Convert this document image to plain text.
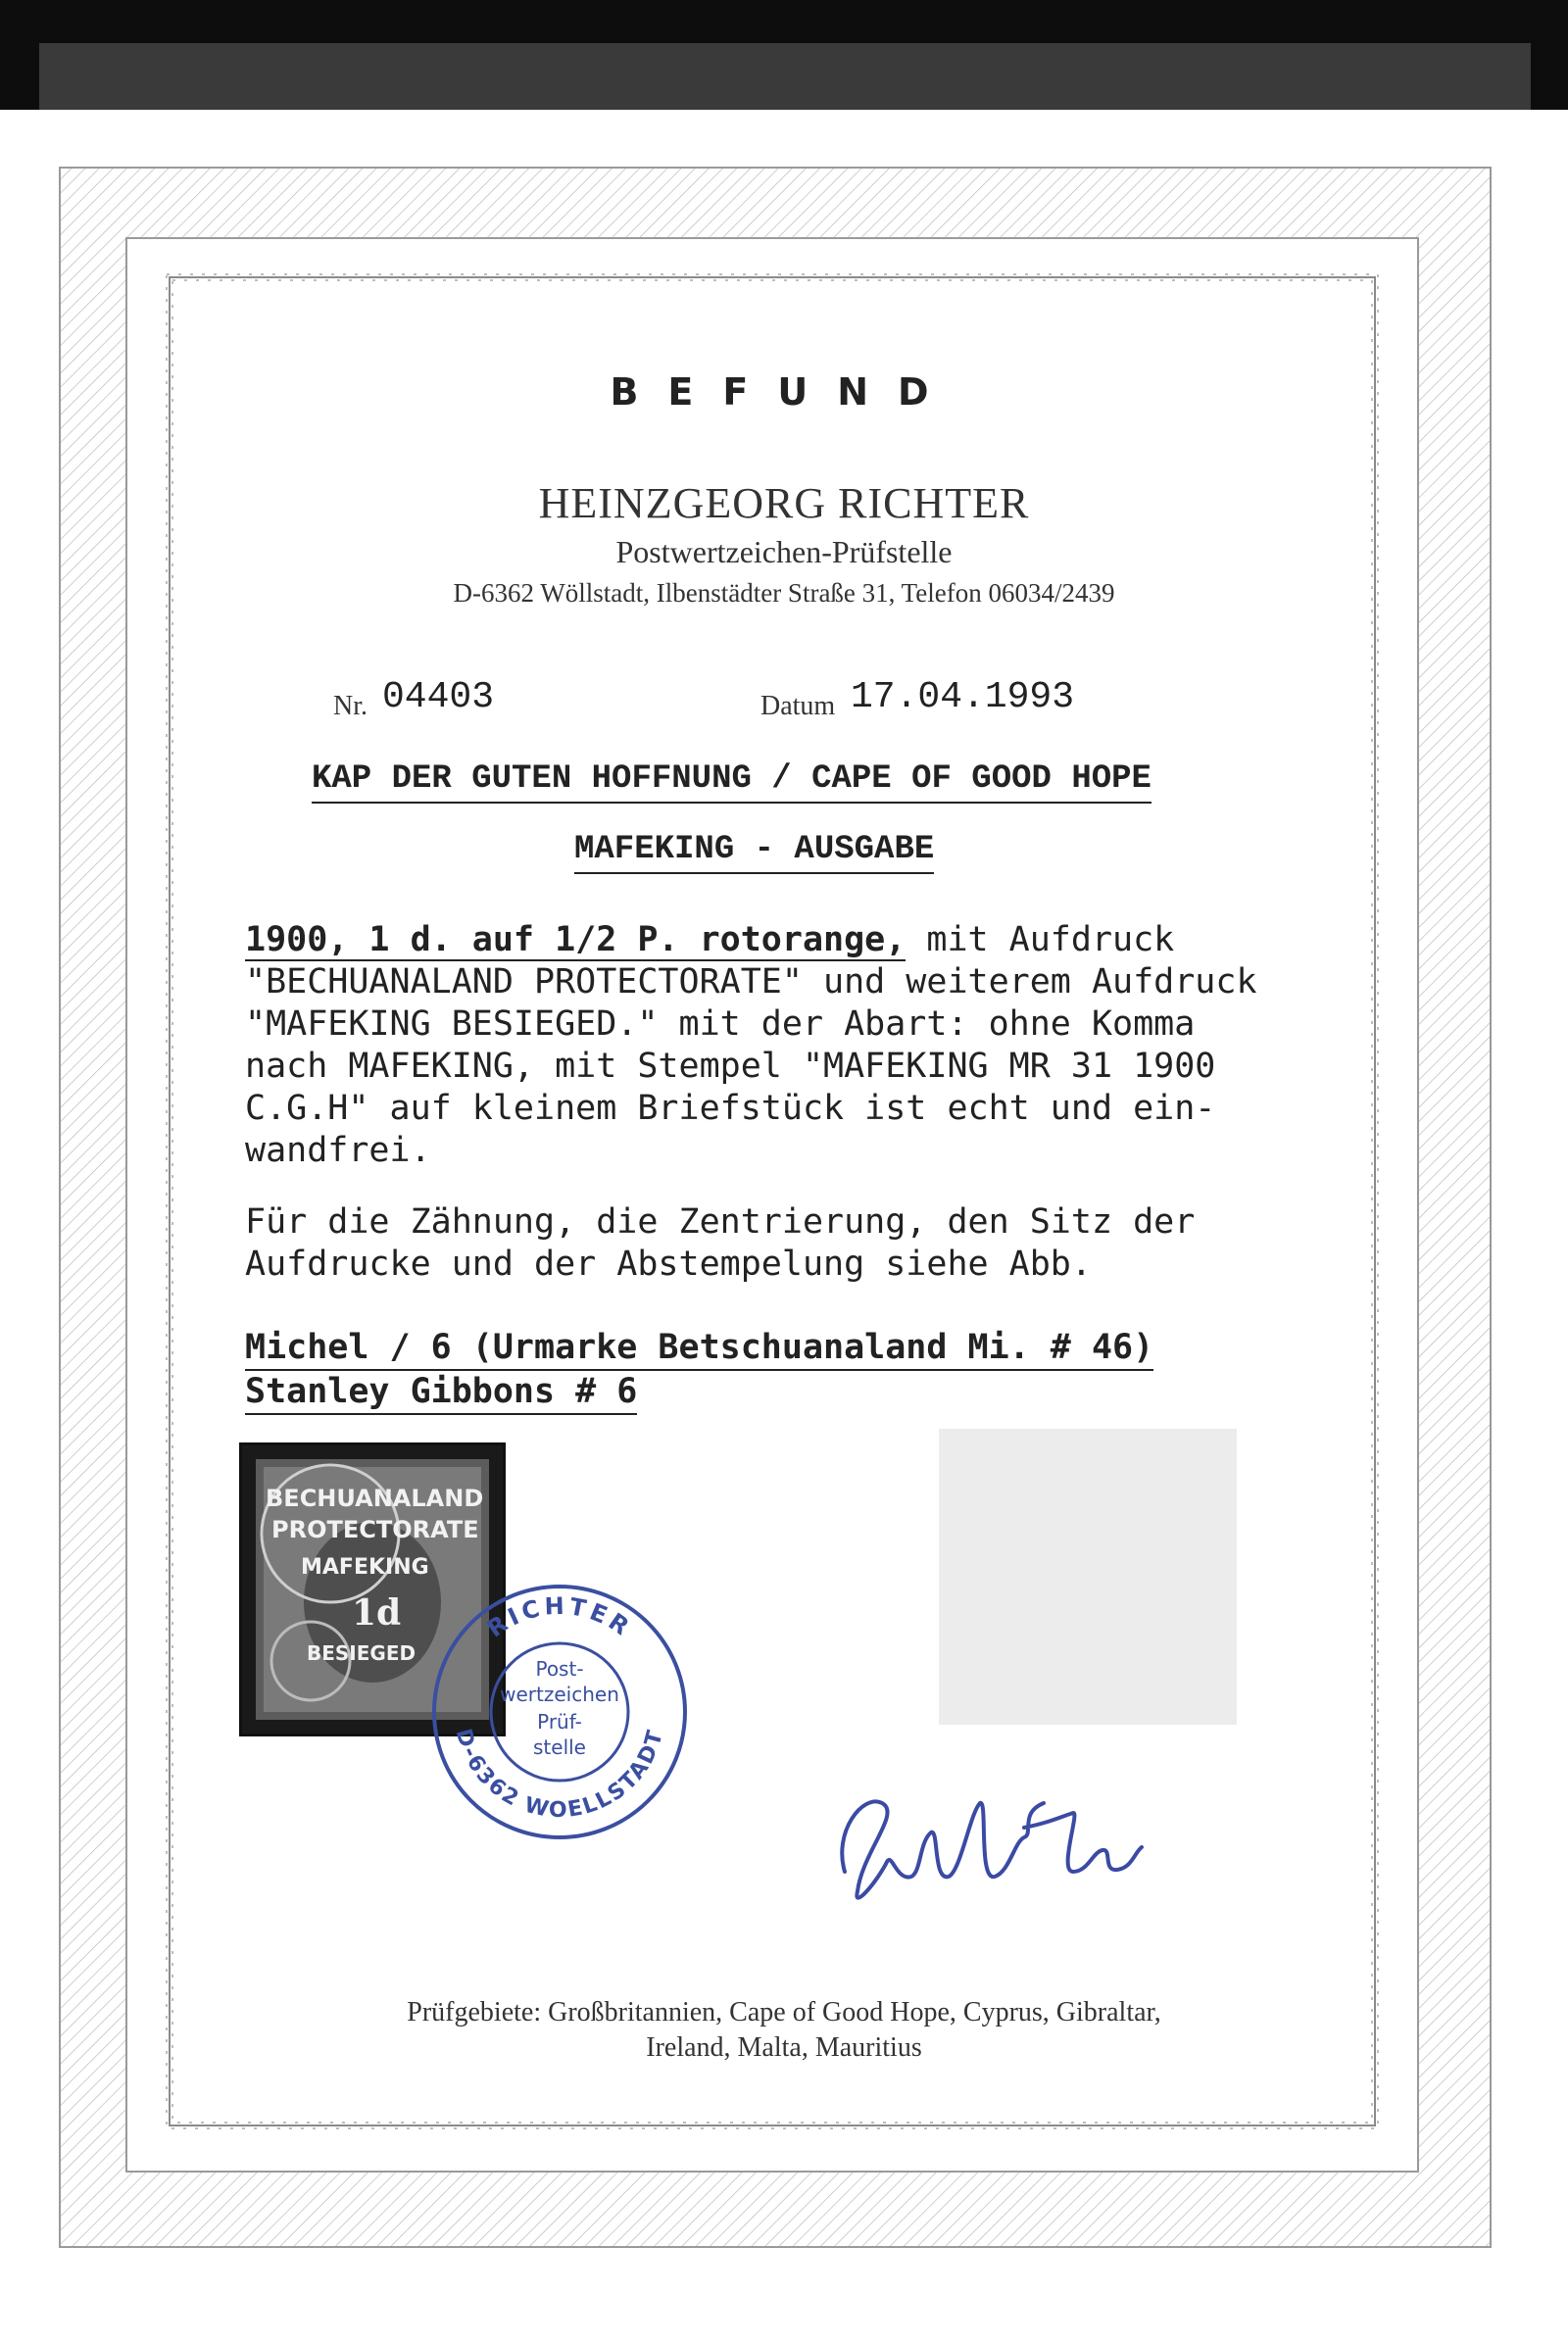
BEFUND
HEINZGEORG RICHTER
Postwertzeichen-Prüfstelle
D-6362 Wöllstadt, Ilbenstädter Straße 31, Telefon 06034/2439
Nr. 04403	Datum 17.04.1993
KAP DER GUTEN HOFFNUNG / CAPE OF GOOD HOPE
MAFEKING - AUSGABE
1900, 1 d. auf 1/2 P. rotorange, mit Aufdruck
"BECHUANALAND PROTECTORATE" und weiterem Aufdruck
"MAFEKING BESIEGED." mit der Abart: ohne Komma
nach MAFEKING, mit Stempel "MAFEKING MR 31 1900
C.G.H" auf kleinem Briefstück ist echt und ein-
wandfrei.
Für die Zähnung, die Zentrierung, den Sitz der
Aufdrucke und der Abstempelung siehe Abb.
Michel / 6 (Urmarke Betschuanaland Mi. # 46)
Stanley Gibbons # 6
BECHUANALAND
PROTECTORATE
MAFEKING
1d
BESIEGED
RICHTER
D-6362 WOELLSTADT
Post-
wertzeichen
Prüf-
stelle
Prüfgebiete: Großbritannien, Cape of Good Hope, Cyprus, Gibraltar,
Ireland, Malta, Mauritius
